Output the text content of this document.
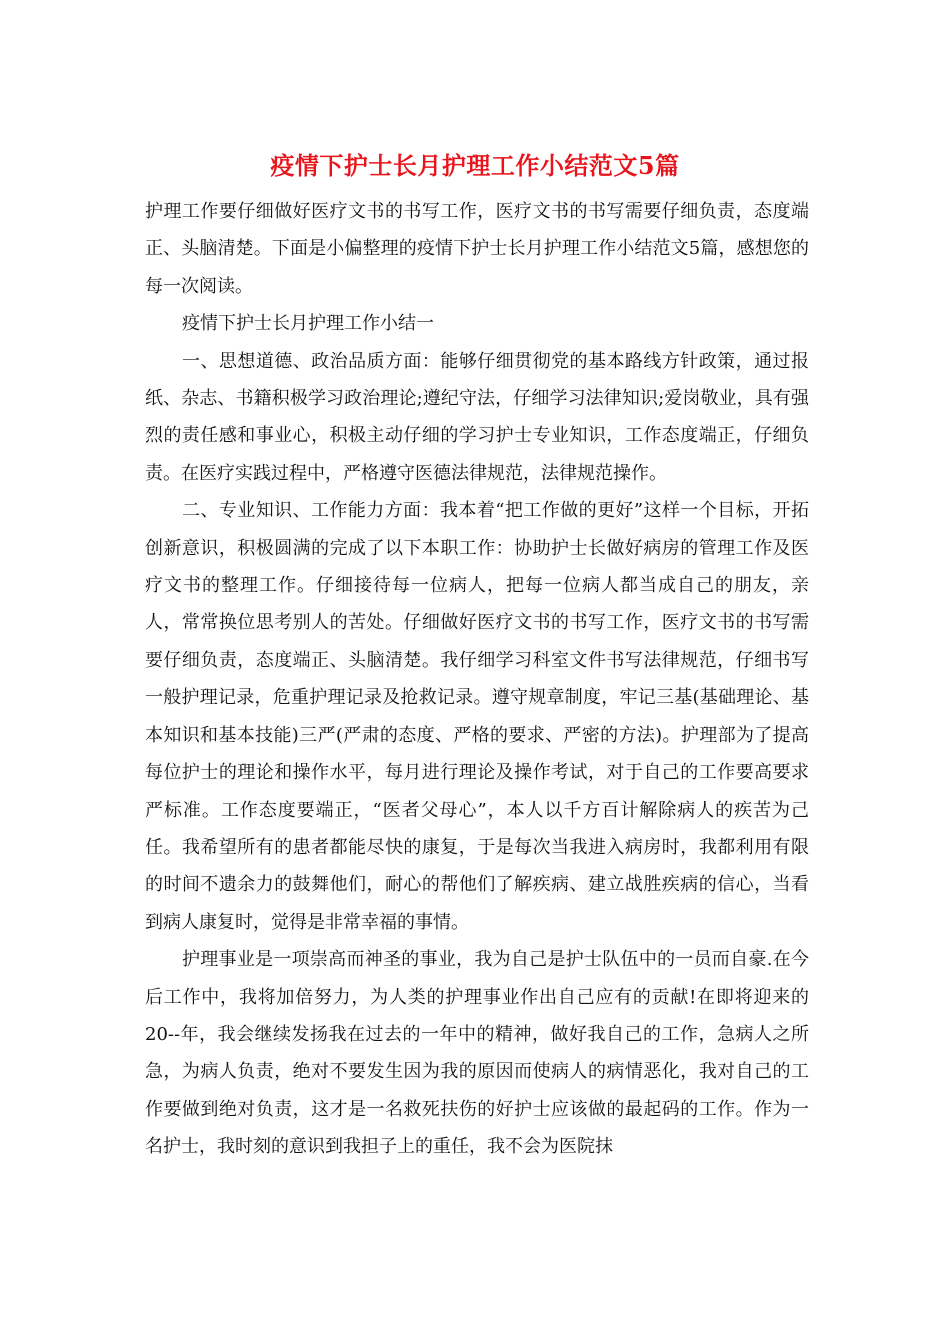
疫情下护士长月护理工作小结范文5篇

护理工作要仔细做好医疗文书的书写工作，医疗文书的书写需要仔细负责，态度端正、头脑清楚。下面是小偏整理的疫情下护士长月护理工作小结范文5篇，感想您的每一次阅读。

疫情下护士长月护理工作小结一

一、思想道德、政治品质方面：能够仔细贯彻党的基本路线方针政策，通过报纸、杂志、书籍积极学习政治理论;遵纪守法，仔细学习法律知识;爱岗敬业，具有强烈的责任感和事业心，积极主动仔细的学习护士专业知识，工作态度端正，仔细负责。在医疗实践过程中，严格遵守医德法律规范，法律规范操作。

二、专业知识、工作能力方面：我本着“把工作做的更好”这样一个目标，开拓创新意识，积极圆满的完成了以下本职工作：协助护士长做好病房的管理工作及医疗文书的整理工作。仔细接待每一位病人，把每一位病人都当成自己的朋友，亲人，常常换位思考别人的苦处。仔细做好医疗文书的书写工作，医疗文书的书写需要仔细负责，态度端正、头脑清楚。我仔细学习科室文件书写法律规范，仔细书写一般护理记录，危重护理记录及抢救记录。遵守规章制度，牢记三基(基础理论、基本知识和基本技能)三严(严肃的态度、严格的要求、严密的方法)。护理部为了提高每位护士的理论和操作水平，每月进行理论及操作考试，对于自己的工作要高要求严标准。工作态度要端正，“医者父母心”，本人以千方百计解除病人的疾苦为己任。我希望所有的患者都能尽快的康复，于是每次当我进入病房时，我都利用有限的时间不遗余力的鼓舞他们，耐心的帮他们了解疾病、建立战胜疾病的信心，当看到病人康复时，觉得是非常幸福的事情。

护理事业是一项崇高而神圣的事业，我为自己是护士队伍中的一员而自豪.在今后工作中，我将加倍努力，为人类的护理事业作出自己应有的贡献!在即将迎来的20--年，我会继续发扬我在过去的一年中的精神，做好我自己的工作，急病人之所急，为病人负责，绝对不要发生因为我的原因而使病人的病情恶化，我对自己的工作要做到绝对负责，这才是一名救死扶伤的好护士应该做的最起码的工作。作为一名护士，我时刻的意识到我担子上的重任，我不会为医院抹
